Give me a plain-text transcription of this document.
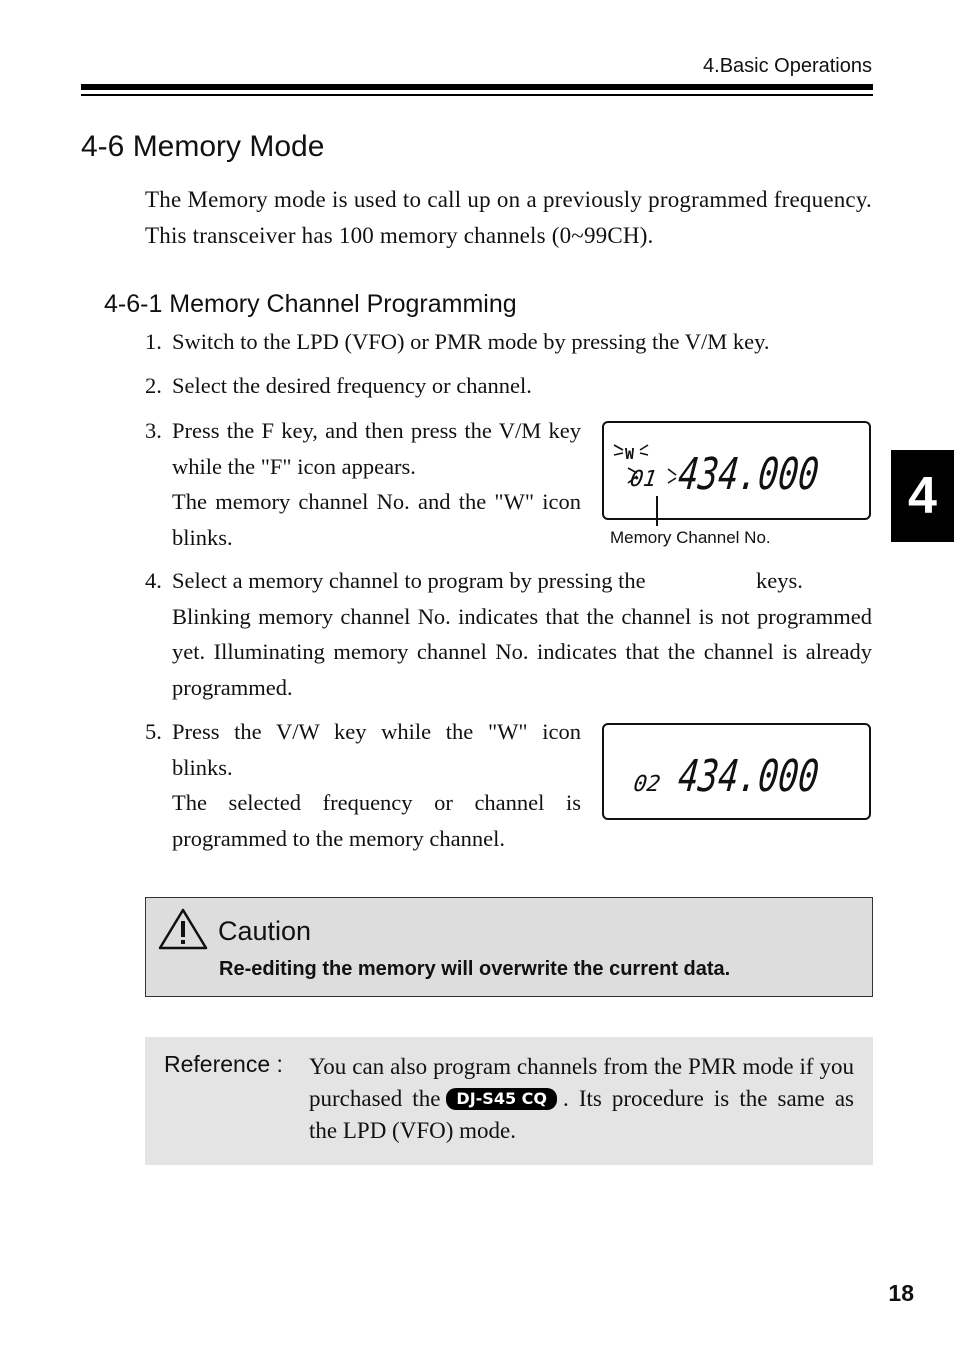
4.Basic Operations
4
4-6 Memory Mode
The Memory mode is used to call up on a previously programmed frequency. This transceiver has 100 memory channels (0~99CH).
4-6-1 Memory Channel Programming
1. Switch to the LPD (VFO) or PMR mode by pressing the V/M key.
2. Select the desired frequency or channel.
3. Press the F key, and then press the V/M key while the "F" icon appears.

The memory channel No. and the "W" icon blinks.

W
01 434.000
Memory Channel No.
4. Select a memory channel to program by pressing the	keys.

Blinking memory channel No. indicates that the channel is not programmed yet. Illuminating memory channel No. indicates that the channel is already programmed.

5. Press the V/W key while the "W" icon blinks.

The selected frequency or channel is programmed to the memory channel.

02 434.000
Caution
Re-editing the memory will overwrite the current data.
Reference : You can also program channels from the PMR mode if you purchased the DJ-S45 CQ . Its procedure is the same as the LPD (VFO) mode.

18
